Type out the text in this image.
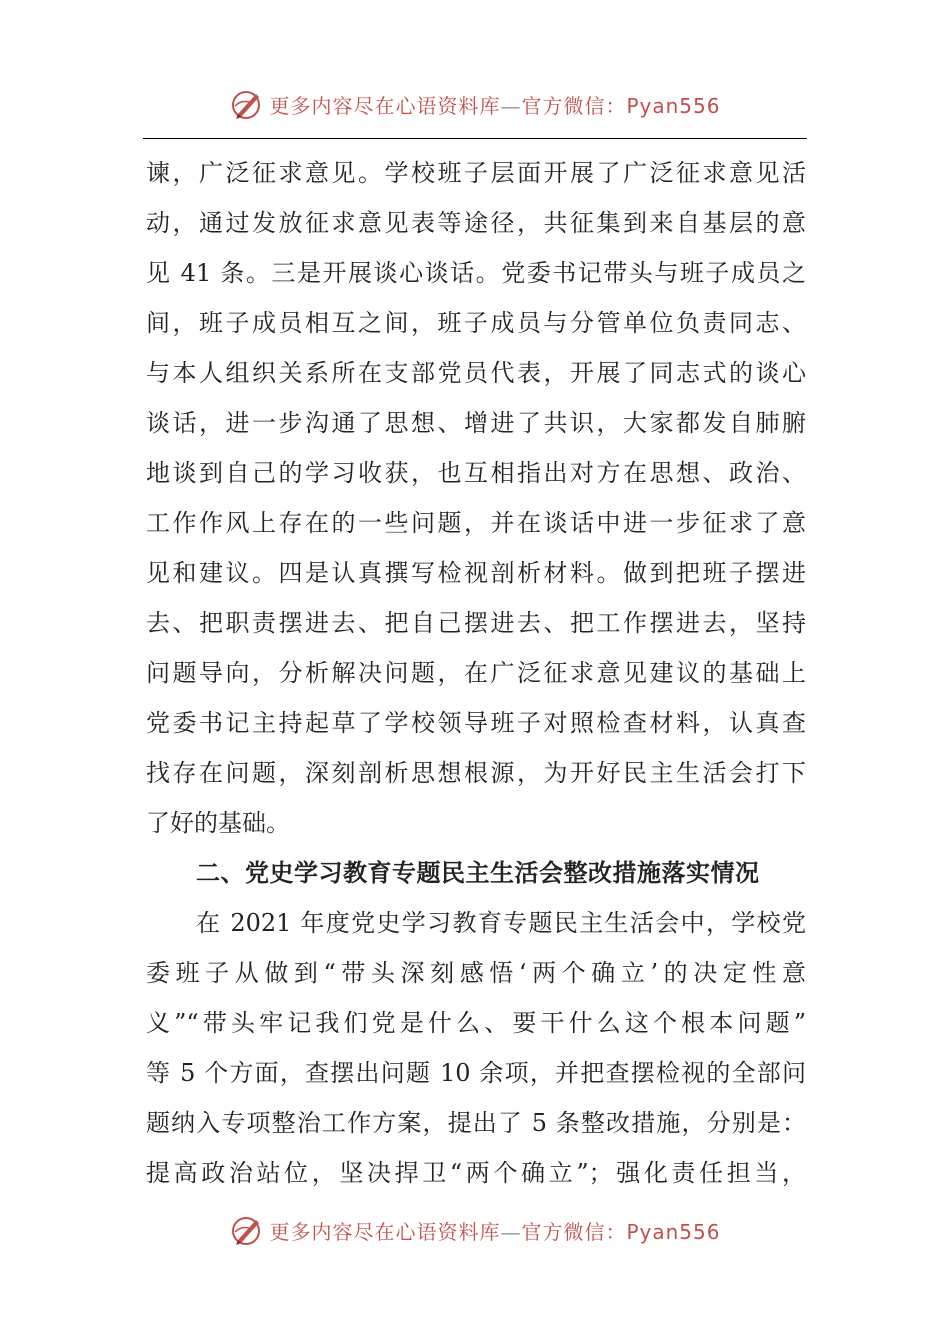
更多内容尽在心语资料库—官方微信：Pyan556
谏，广泛征求意见。学校班子层面开展了广泛征求意见活
动，通过发放征求意见表等途径，共征集到来自基层的意
见 41 条。三是开展谈心谈话。党委书记带头与班子成员之
间，班子成员相互之间，班子成员与分管单位负责同志、
与本人组织关系所在支部党员代表，开展了同志式的谈心
谈话，进一步沟通了思想、增进了共识，大家都发自肺腑
地谈到自己的学习收获，也互相指出对方在思想、政治、
工作作风上存在的一些问题，并在谈话中进一步征求了意
见和建议。四是认真撰写检视剖析材料。做到把班子摆进
去、把职责摆进去、把自己摆进去、把工作摆进去，坚持
问题导向，分析解决问题，在广泛征求意见建议的基础上
党委书记主持起草了学校领导班子对照检查材料，认真查
找存在问题，深刻剖析思想根源，为开好民主生活会打下
了好的基础。
二、党史学习教育专题民主生活会整改措施落实情况
在 2021 年度党史学习教育专题民主生活会中，学校党
委班子从做到“带头深刻感悟‘两个确立’的决定性意
义”“带头牢记我们党是什么、要干什么这个根本问题”
等 5 个方面，查摆出问题 10 余项，并把查摆检视的全部问
题纳入专项整治工作方案，提出了 5 条整改措施，分别是：
提高政治站位，坚决捍卫“两个确立”；强化责任担当，
更多内容尽在心语资料库—官方微信：Pyan556
